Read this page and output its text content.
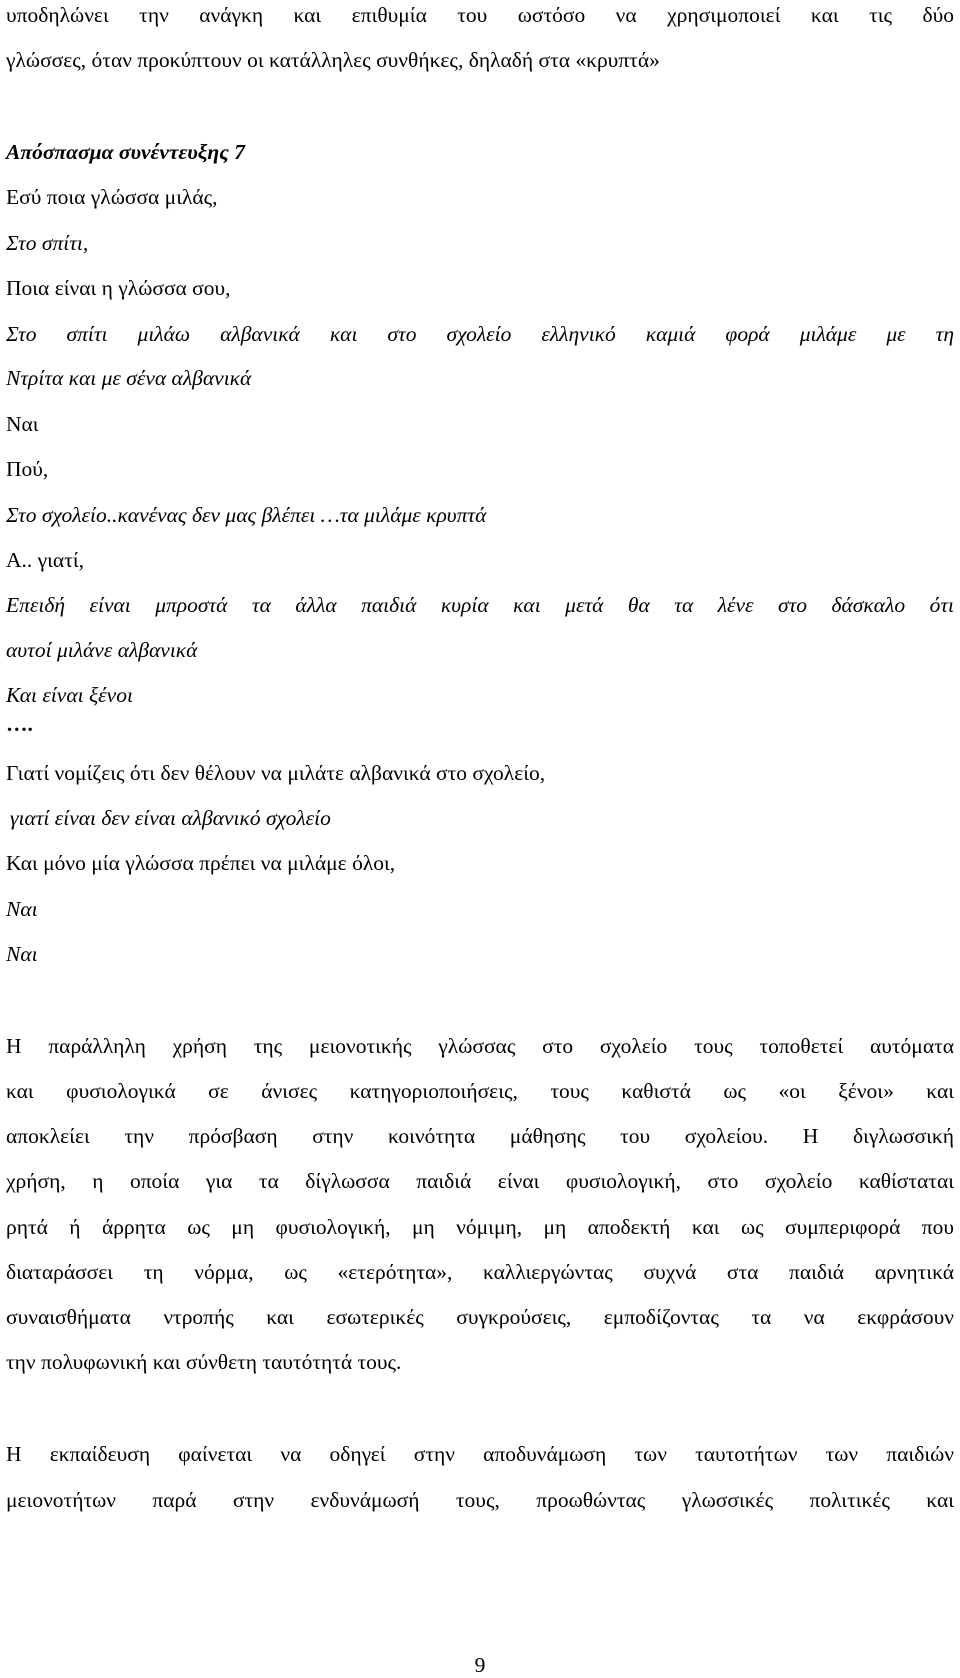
υποδηλώνει την ανάγκη και επιθυμία του ωστόσο να χρησιμοποιεί και τις δύο
γλώσσες, όταν προκύπτουν οι κατάλληλες συνθήκες, δηλαδή στα «κρυπτά»
Απόσπασμα συνέντευξης 7
Εσύ ποια γλώσσα μιλάς,
Στο σπίτι,
Ποια είναι η γλώσσα σου,
Στο σπίτι μιλάω αλβανικά και στο σχολείο ελληνικό καμιά φορά μιλάμε με τη
Ντρίτα και με σένα αλβανικά
Ναι
Πού,
Στο σχολείο..κανένας δεν μας βλέπει …τα μιλάμε κρυπτά
Α.. γιατί,
Επειδή είναι μπροστά τα άλλα παιδιά κυρία και μετά θα τα λένε στο δάσκαλο ότι
αυτοί μιλάνε αλβανικά
Και είναι ξένοι
….
Γιατί νομίζεις ότι δεν θέλουν να μιλάτε αλβανικά στο σχολείο,
γιατί είναι δεν είναι αλβανικό σχολείο
Και μόνο μία γλώσσα πρέπει να μιλάμε όλοι,
Ναι
Ναι
Η παράλληλη χρήση της μειονοτικής γλώσσας στο σχολείο τους τοποθετεί αυτόματα
και φυσιολογικά σε άνισες κατηγοριοποιήσεις, τους καθιστά ως «οι ξένοι» και
αποκλείει την πρόσβαση στην κοινότητα μάθησης του σχολείου. Η διγλωσσική
χρήση, η οποία για τα δίγλωσσα παιδιά είναι φυσιολογική, στο σχολείο καθίσταται
ρητά ή άρρητα ως μη φυσιολογική, μη νόμιμη, μη αποδεκτή και ως συμπεριφορά που
διαταράσσει τη νόρμα, ως «ετερότητα», καλλιεργώντας συχνά στα παιδιά αρνητικά
συναισθήματα ντροπής και εσωτερικές συγκρούσεις, εμποδίζοντας τα να εκφράσουν
την πολυφωνική και σύνθετη ταυτότητά τους.
Η εκπαίδευση φαίνεται να οδηγεί στην αποδυνάμωση των ταυτοτήτων των παιδιών
μειονοτήτων παρά στην ενδυνάμωσή τους, προωθώντας γλωσσικές πολιτικές και
9
